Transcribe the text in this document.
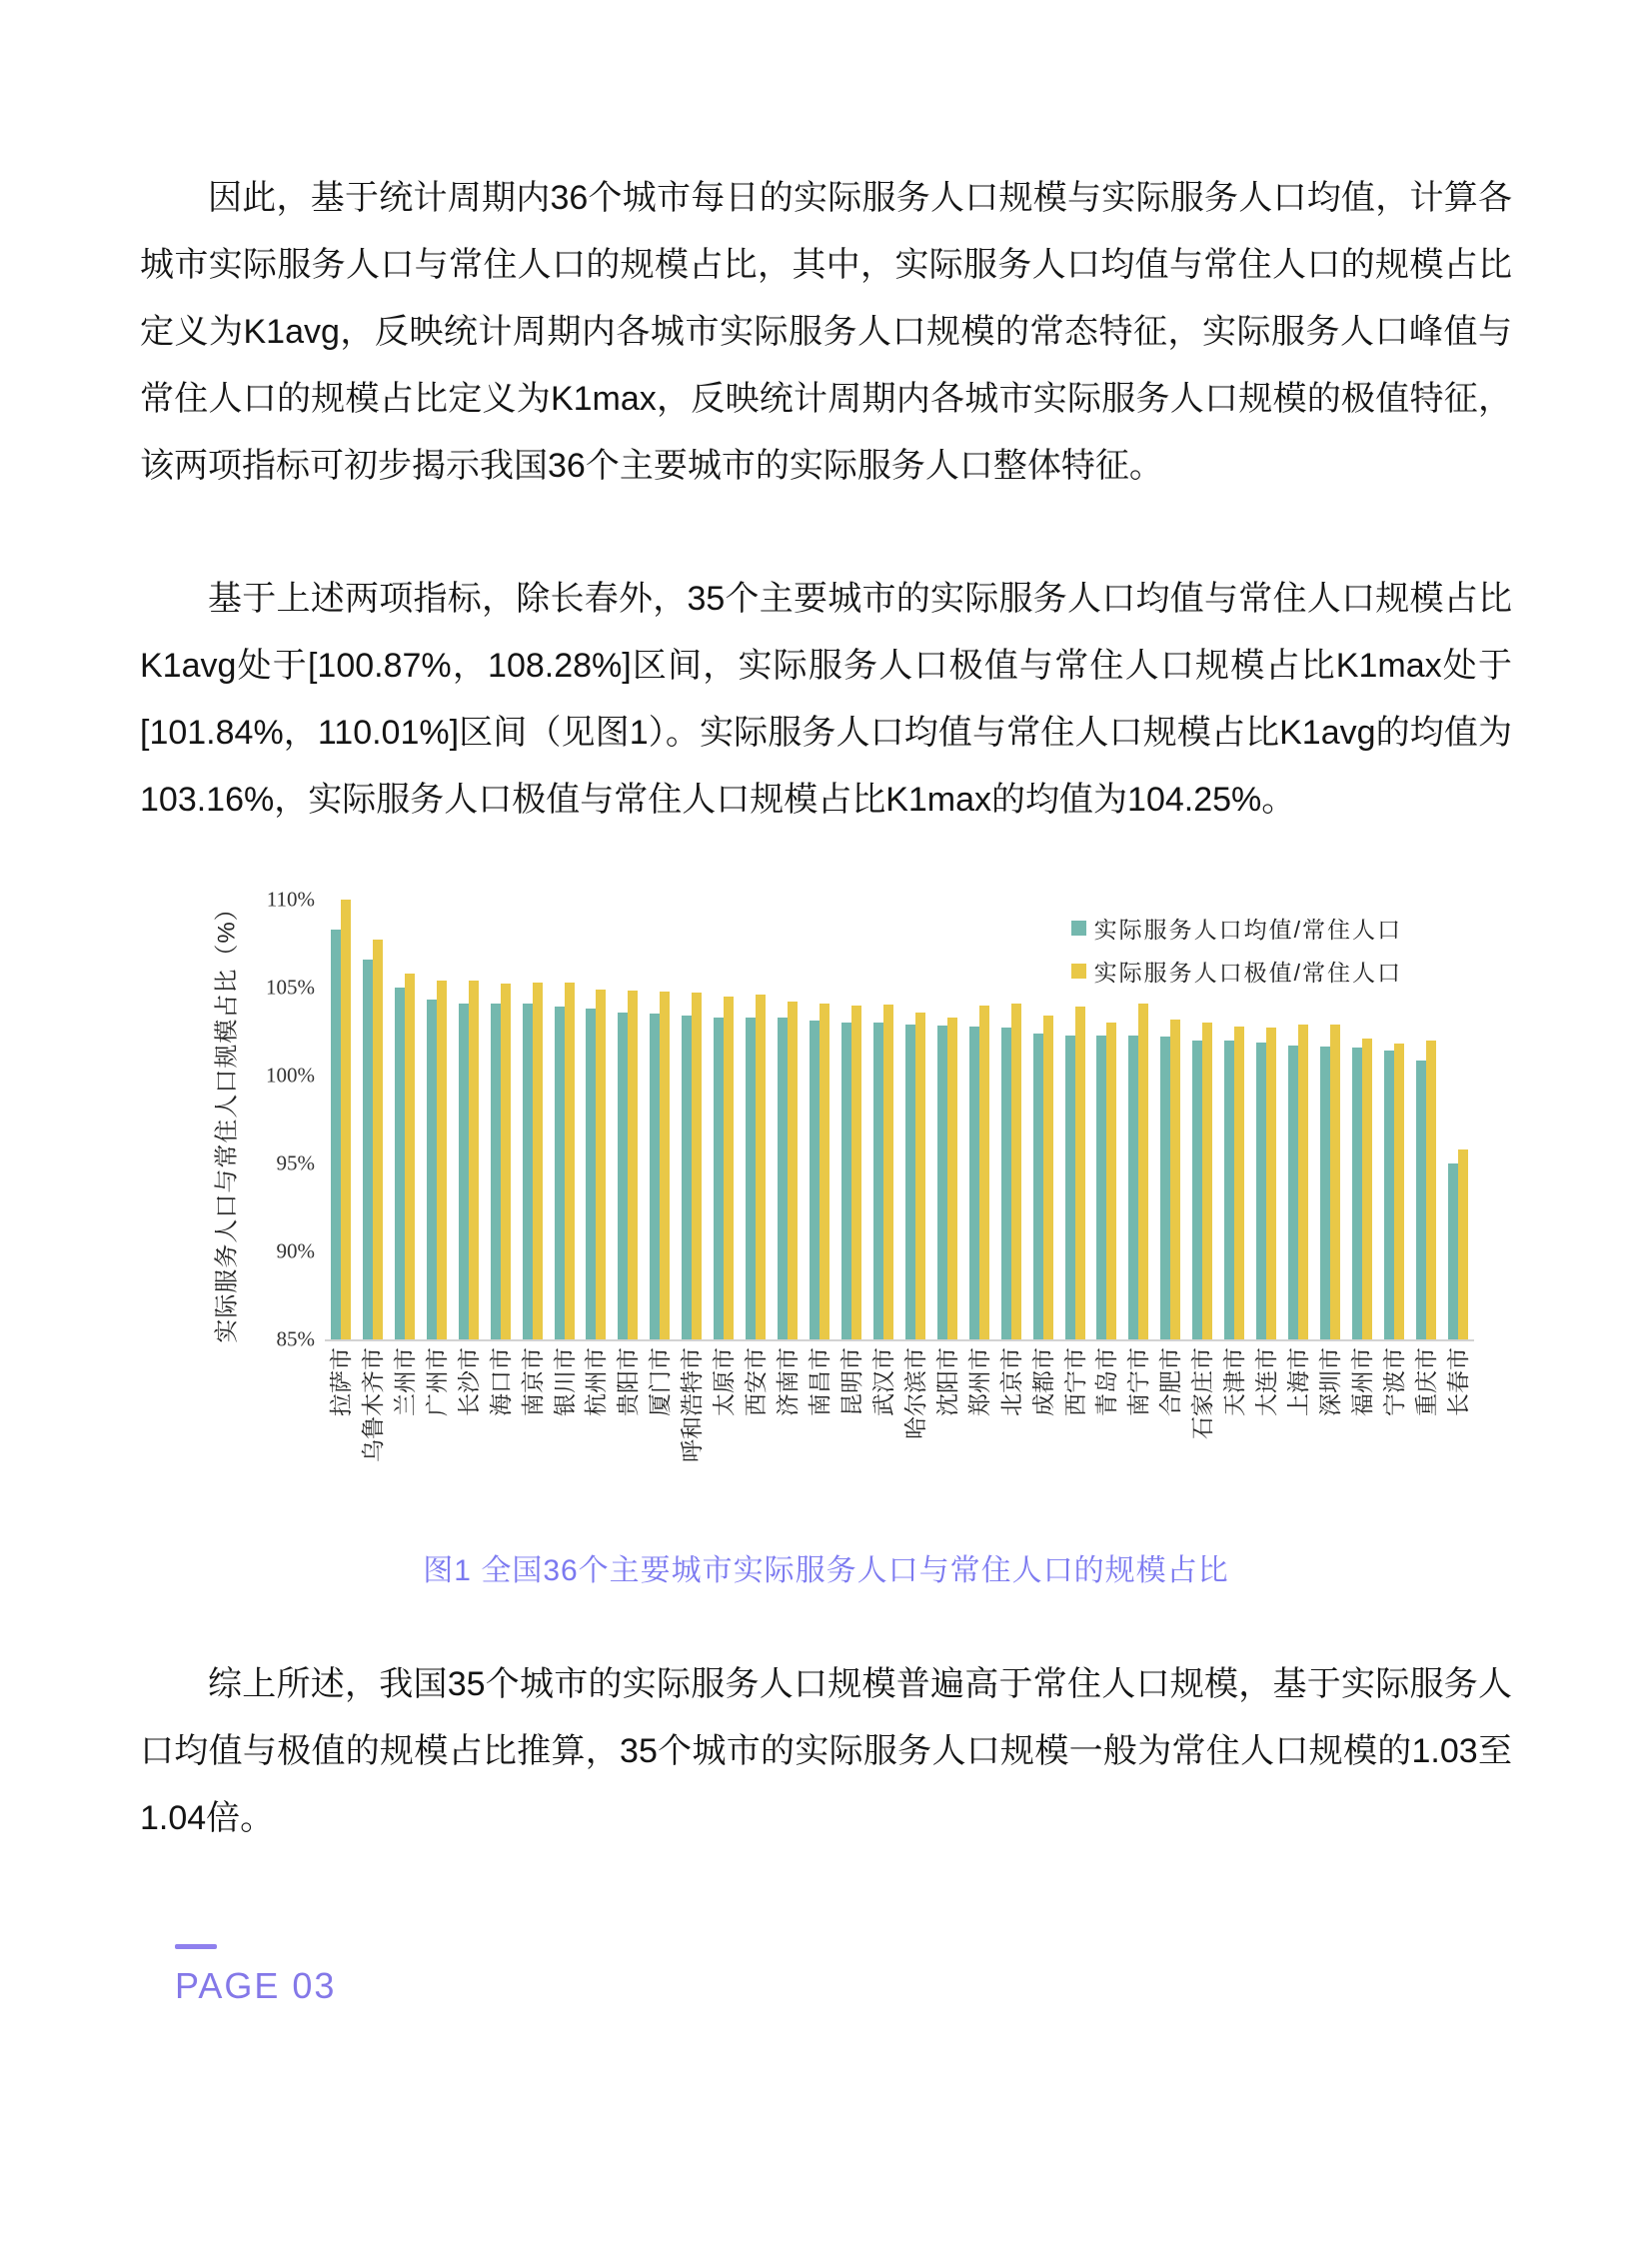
因此，基于统计周期内36个城市每日的实际服务人口规模与实际服务人口均值，计算各城市实际服务人口与常住人口的规模占比，其中，实际服务人口均值与常住人口的规模占比定义为K1avg，反映统计周期内各城市实际服务人口规模的常态特征，实际服务人口峰值与常住人口的规模占比定义为K1max，反映统计周期内各城市实际服务人口规模的极值特征，该两项指标可初步揭示我国36个主要城市的实际服务人口整体特征。

基于上述两项指标，除长春外，35个主要城市的实际服务人口均值与常住人口规模占比K1avg处于[100.87%，108.28%]区间，实际服务人口极值与常住人口规模占比K1max处于[101.84%，110.01%]区间（见图1）。实际服务人口均值与常住人口规模占比K1avg的均值为103.16%，实际服务人口极值与常住人口规模占比K1max的均值为104.25%。

实际服务人口与常住人口规模占比（%） 85%
90%
95%
100%
105%
110%
实际服务人口均值/常住人口
实际服务人口极值/常住人口
拉萨市 乌鲁木齐市 兰州市 广州市 长沙市 海口市 南京市 银川市 杭州市 贵阳市 厦门市 呼和浩特市 太原市 西安市 济南市 南昌市 昆明市 武汉市 哈尔滨市 沈阳市 郑州市 北京市 成都市 西宁市 青岛市 南宁市 合肥市 石家庄市 天津市 大连市 上海市 深圳市 福州市 宁波市 重庆市 长春市
图1 全国36个主要城市实际服务人口与常住人口的规模占比

综上所述，我国35个城市的实际服务人口规模普遍高于常住人口规模，基于实际服务人口均值与极值的规模占比推算，35个城市的实际服务人口规模一般为常住人口规模的1.03至1.04倍。

PAGE 03
